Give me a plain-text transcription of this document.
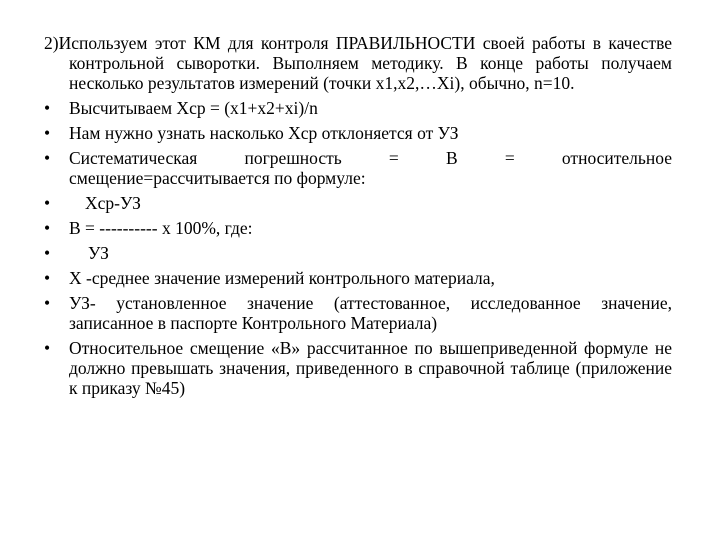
2)Используем этот КМ для контроля ПРАВИЛЬНОСТИ своей работы в качестве контрольной сыворотки. Выполняем методику. В конце работы получаем несколько результатов измерений (точки x1,x2,…Xi), обычно, n=10.

•	Высчитываем Xср = (x1+x2+xi)/n
•	Нам нужно узнать насколько Xср отклоняется от УЗ
•	Систематическая погрешность = В = относительное
смещение=рассчитывается по формуле:
•	Xср-УЗ
•	В = ---------- x 100%, где:
•	УЗ
•	X -среднее значение измерений контрольного материала,
•	УЗ- установленное значение (аттестованное, исследованное значение, записанное в паспорте Контрольного Материала)
•	Относительное смещение «В» рассчитанное по вышеприведенной формуле не должно превышать значения, приведенного в справочной таблице (приложение к приказу №45)
